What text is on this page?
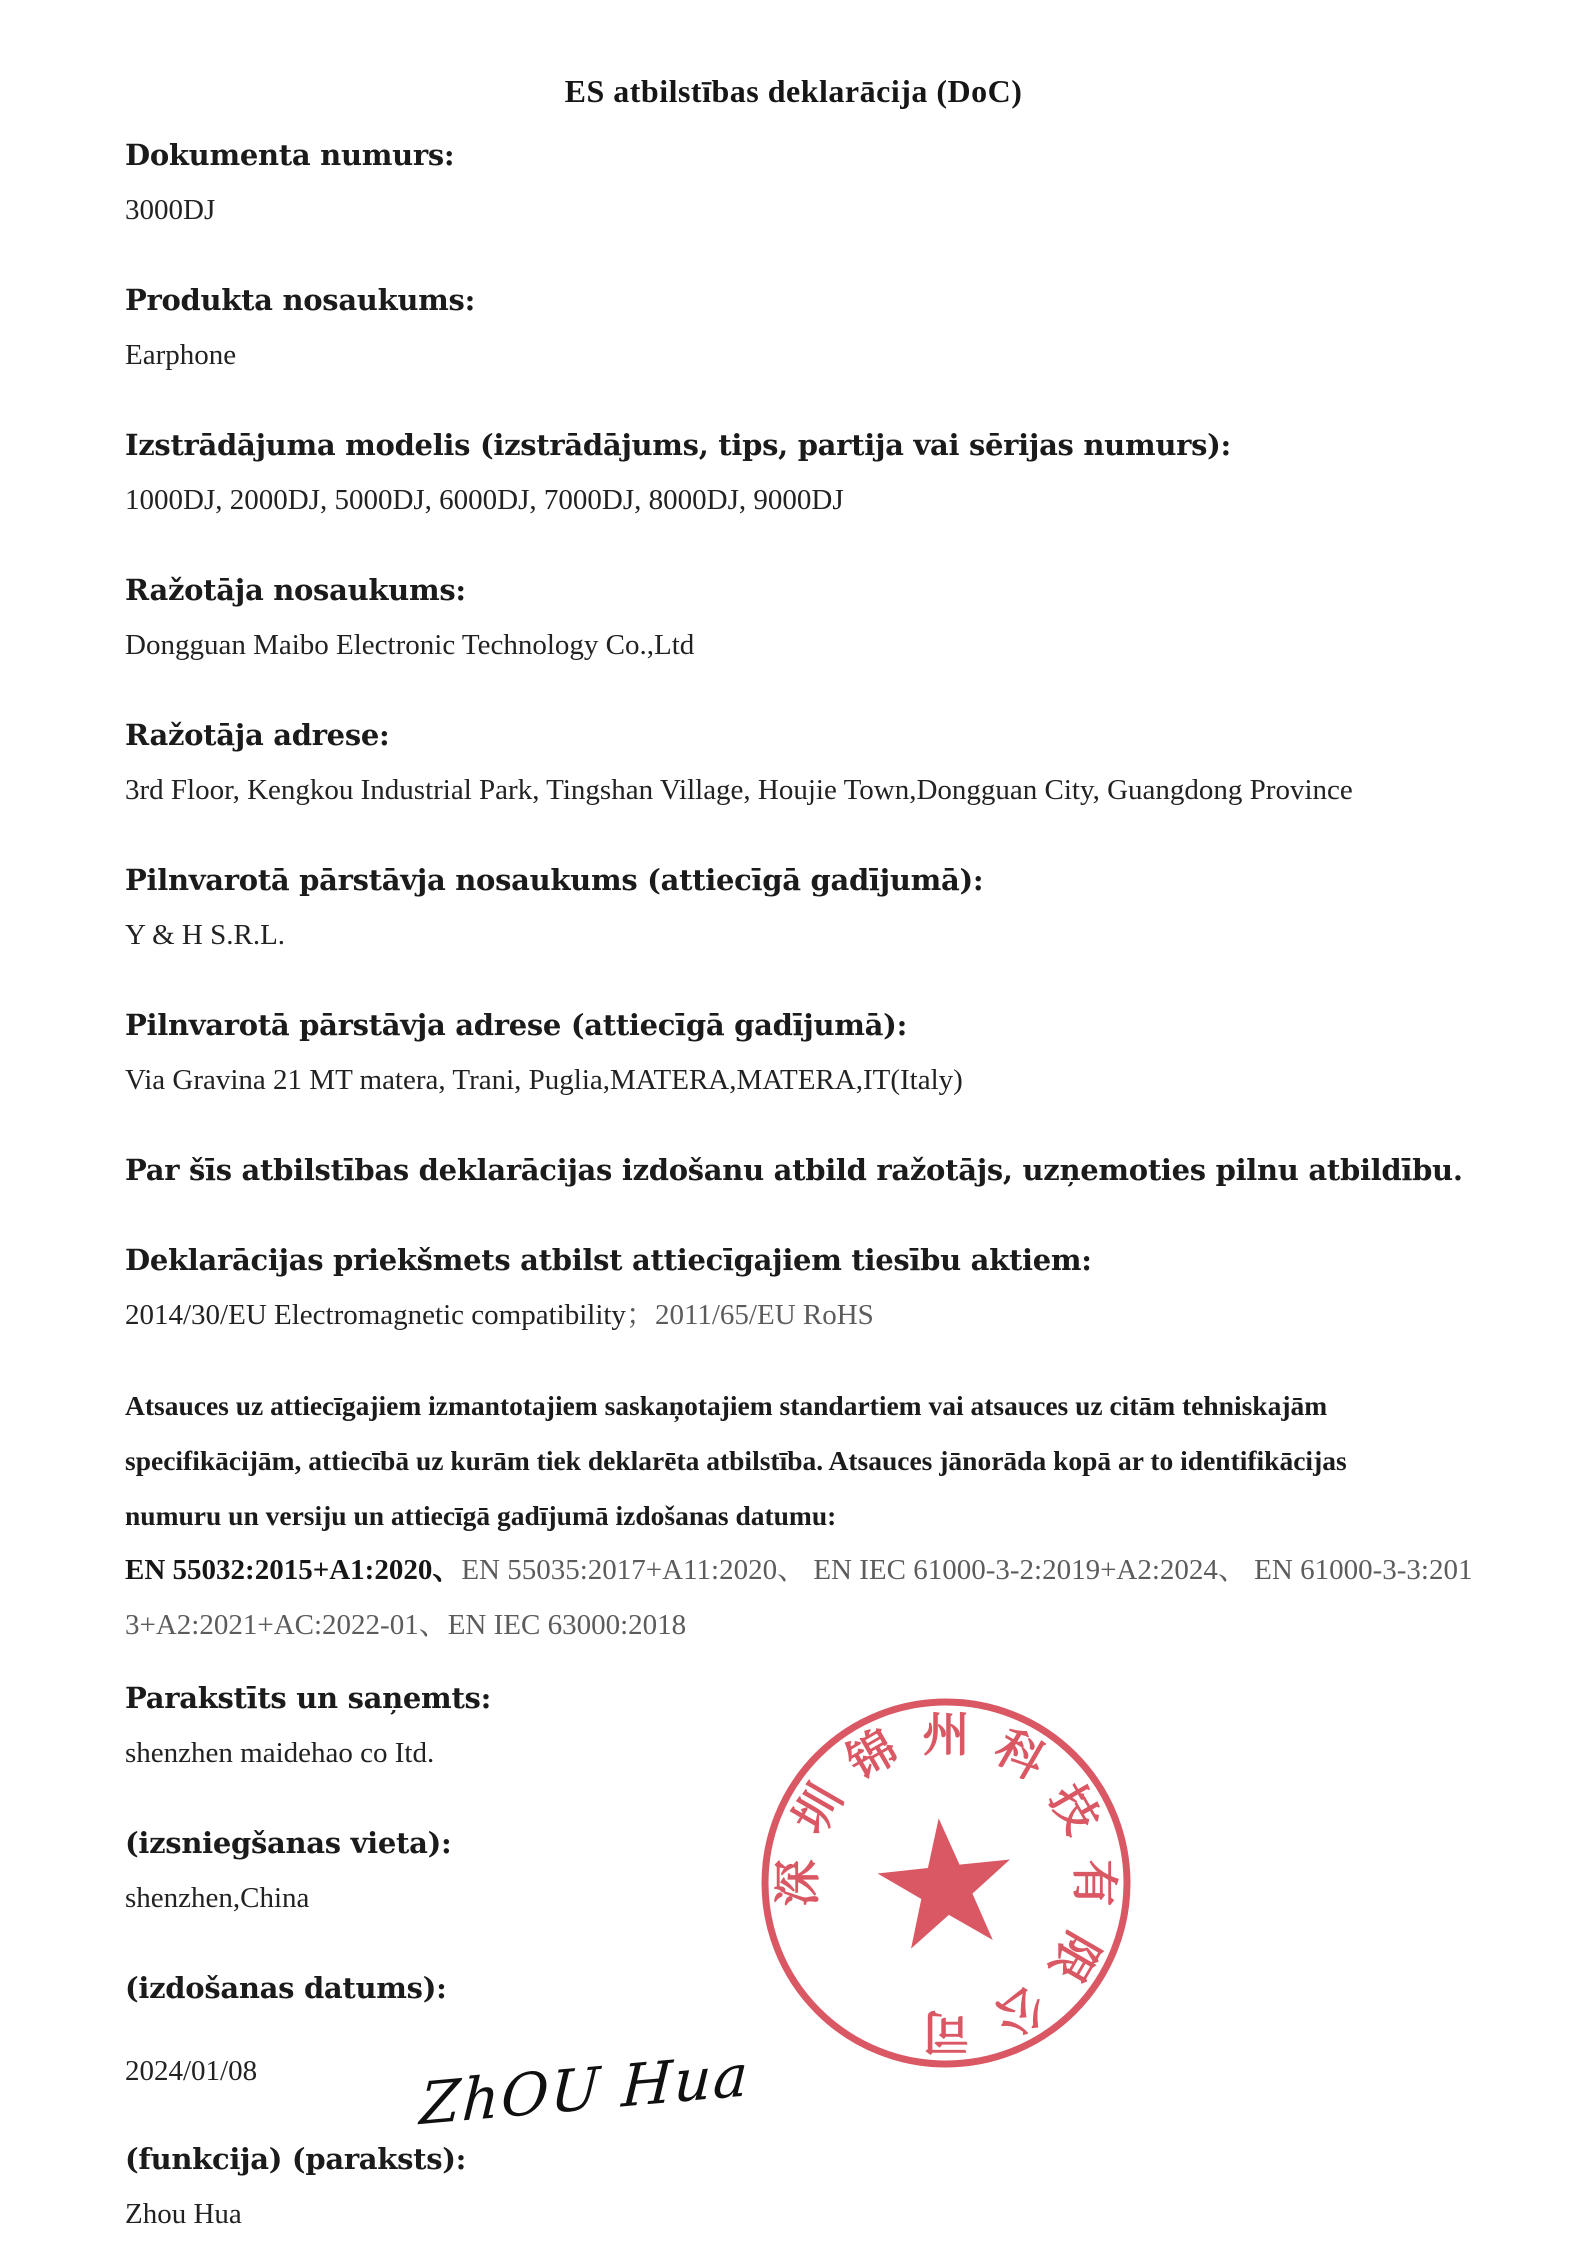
ES atbilstības deklarācija (DoC)
Dokumenta numurs:
3000DJ
Produkta nosaukums:
Earphone
Izstrādājuma modelis (izstrādājums, tips, partija vai sērijas numurs):
1000DJ, 2000DJ, 5000DJ, 6000DJ, 7000DJ, 8000DJ, 9000DJ
Ražotāja nosaukums:
Dongguan Maibo Electronic Technology Co.,Ltd
Ražotāja adrese:
3rd Floor, Kengkou Industrial Park, Tingshan Village, Houjie Town,Dongguan City, Guangdong Province
Pilnvarotā pārstāvja nosaukums (attiecīgā gadījumā):
Y & H S.R.L.
Pilnvarotā pārstāvja adrese (attiecīgā gadījumā):
Via Gravina 21 MT matera, Trani, Puglia,MATERA,MATERA,IT(Italy)
Par šīs atbilstības deklarācijas izdošanu atbild ražotājs, uzņemoties pilnu atbildību.
Deklarācijas priekšmets atbilst attiecīgajiem tiesību aktiem:
2014/30/EU Electromagnetic compatibility；2011/65/EU RoHS
Atsauces uz attiecīgajiem izmantotajiem saskaņotajiem standartiem vai atsauces uz citām tehniskajām
specifikācijām, attiecībā uz kurām tiek deklarēta atbilstība. Atsauces jānorāda kopā ar to identifikācijas
numuru un versiju un attiecīgā gadījumā izdošanas datumu:
EN 55032:2015+A1:2020、EN 55035:2017+A11:2020、 EN IEC 61000-3-2:2019+A2:2024、 EN 61000-3-3:201
3+A2:2021+AC:2022-01、EN IEC 63000:2018
Parakstīts un saņemts:
shenzhen maidehao co Itd.
(izsniegšanas vieta):
shenzhen,China
(izdošanas datums):
2024/01/08
(funkcija) (paraksts):
ZhOU Hua
Zhou Hua
深
圳
锦 州 科
技
有
限
公
司
